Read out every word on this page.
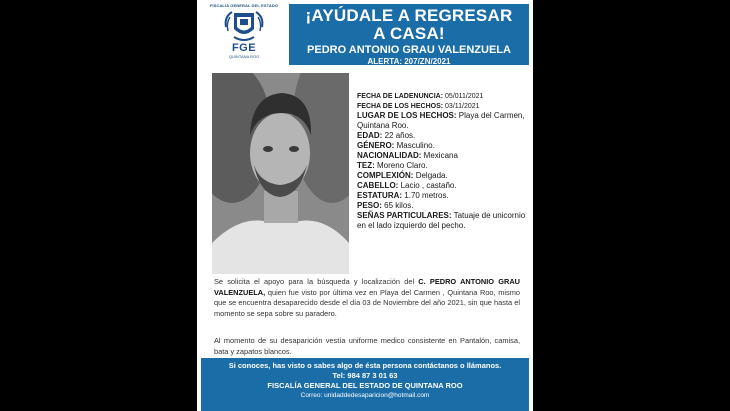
FISCALÍA GENERAL DEL ESTADO
FGE
QUINTANA ROO
¡AYÚDALE A REGRESAR
A CASA!
PEDRO ANTONIO GRAU VALENZUELA
ALERTA: 207/ZN/2021
FECHA DE LADENUNCIA: 05/011/2021
FECHA DE LOS HECHOS: 03/11/2021
LUGAR DE LOS HECHOS: Playa del Carmen, Quintana Roo.
EDAD: 22 años.
GÉNERO: Masculino.
NACIONALIDAD: Mexicana
TEZ: Moreno Claro.
COMPLEXIÓN: Delgada.
CABELLO: Lacio , castaño.
ESTATURA: 1.70 metros.
PESO: 65 kilos.
SEÑAS PARTICULARES: Tatuaje de unicornio en el lado izquierdo del pecho.
Se solicita el apoyo para la búsqueda y localización del C. PEDRO ANTONIO GRAU VALENZUELA, quien fue visto por última vez en Playa del Carmen , Quintana Roo, mismo que se encuentra desaparecido desde el día 03 de Noviembre del año 2021, sin que hasta el momento se sepa sobre su paradero.
Al momento de su desaparición vestía uniforme medico consistente en Pantalón, camisa, bata y zapatos blancos.
Si conoces, has visto o sabes algo de ésta persona contáctanos o llámanos.
Tel: 984 87 3 01 63
FISCALÍA GENERAL DEL ESTADO DE QUINTANA ROO
Correo: unidaddedesaparicion@hotmail.com
